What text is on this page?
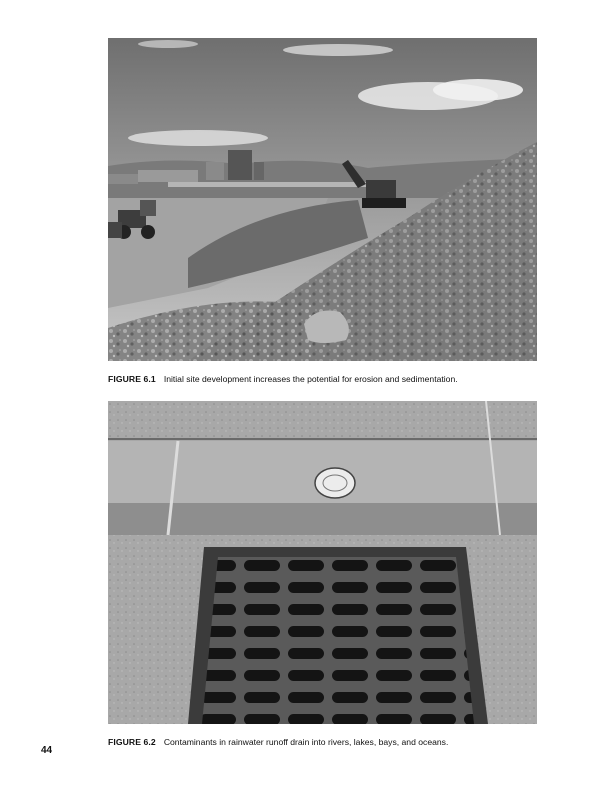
FIGURE 6.1 Initial site development increases the potential for erosion and sedimentation.
FIGURE 6.2 Contaminants in rainwater runoff drain into rivers, lakes, bays, and oceans.
44
